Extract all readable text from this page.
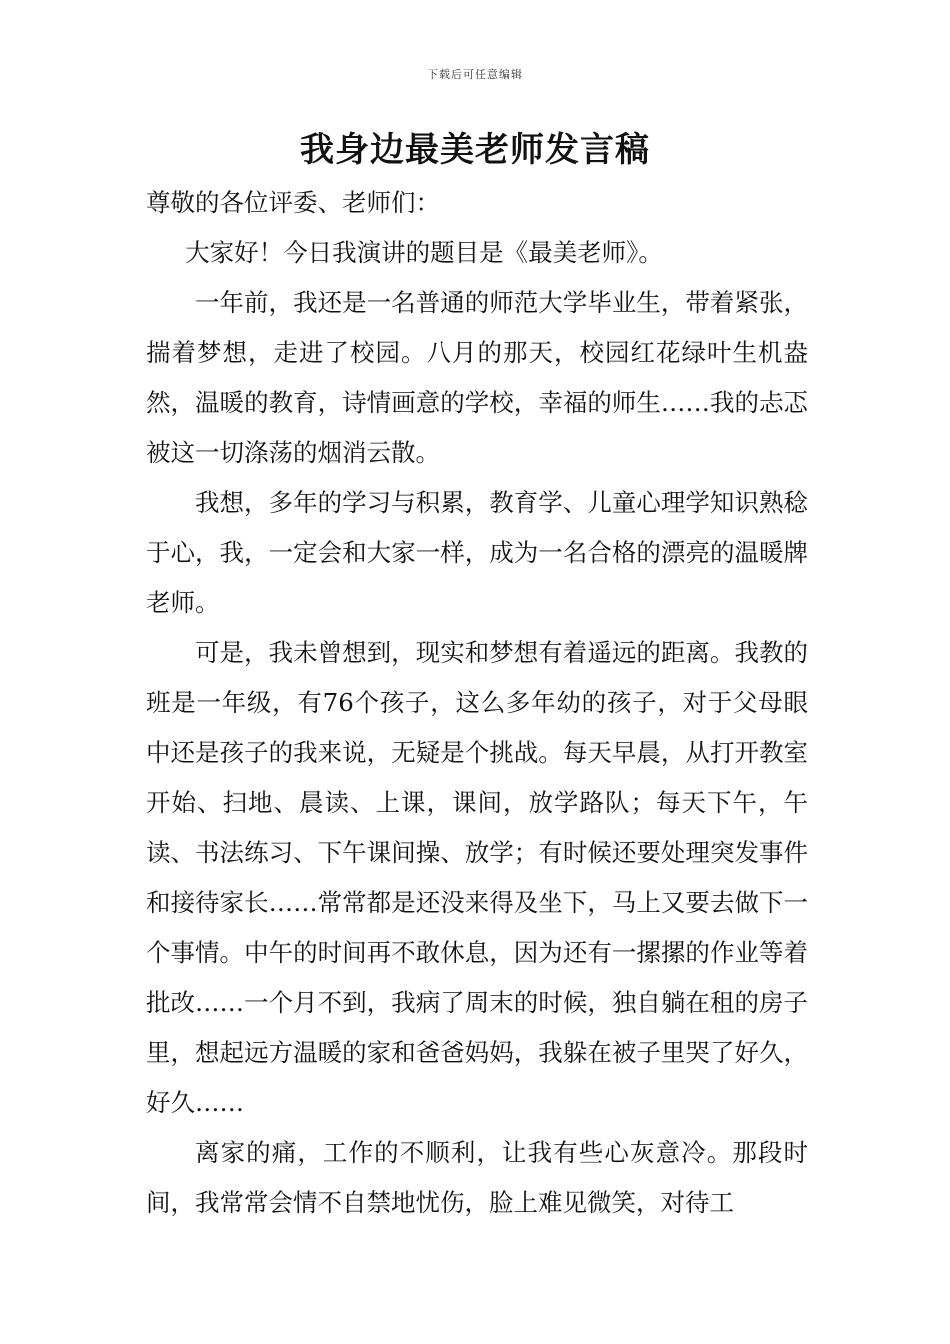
下载后可任意编辑
我身边最美老师发言稿

尊敬的各位评委、老师们：

大家好！今日我演讲的题目是《最美老师》。

一年前，我还是一名普通的师范大学毕业生，带着紧张，揣着梦想，走进了校园。八月的那天，校园红花绿叶生机盎然，温暖的教育，诗情画意的学校，幸福的师生……我的忐忑被这一切涤荡的烟消云散。

我想，多年的学习与积累，教育学、儿童心理学知识熟稔于心，我，一定会和大家一样，成为一名合格的漂亮的温暖牌老师。

可是，我未曾想到，现实和梦想有着遥远的距离。我教的班是一年级，有76个孩子，这么多年幼的孩子，对于父母眼中还是孩子的我来说，无疑是个挑战。每天早晨，从打开教室开始、扫地、晨读、上课，课间，放学路队；每天下午，午读、书法练习、下午课间操、放学；有时候还要处理突发事件和接待家长……常常都是还没来得及坐下，马上又要去做下一个事情。中午的时间再不敢休息，因为还有一摞摞的作业等着批改……一个月不到，我病了周末的时候，独自躺在租的房子里，想起远方温暖的家和爸爸妈妈，我躲在被子里哭了好久，好久……

离家的痛，工作的不顺利，让我有些心灰意冷。那段时间，我常常会情不自禁地忧伤，脸上难见微笑，对待工
